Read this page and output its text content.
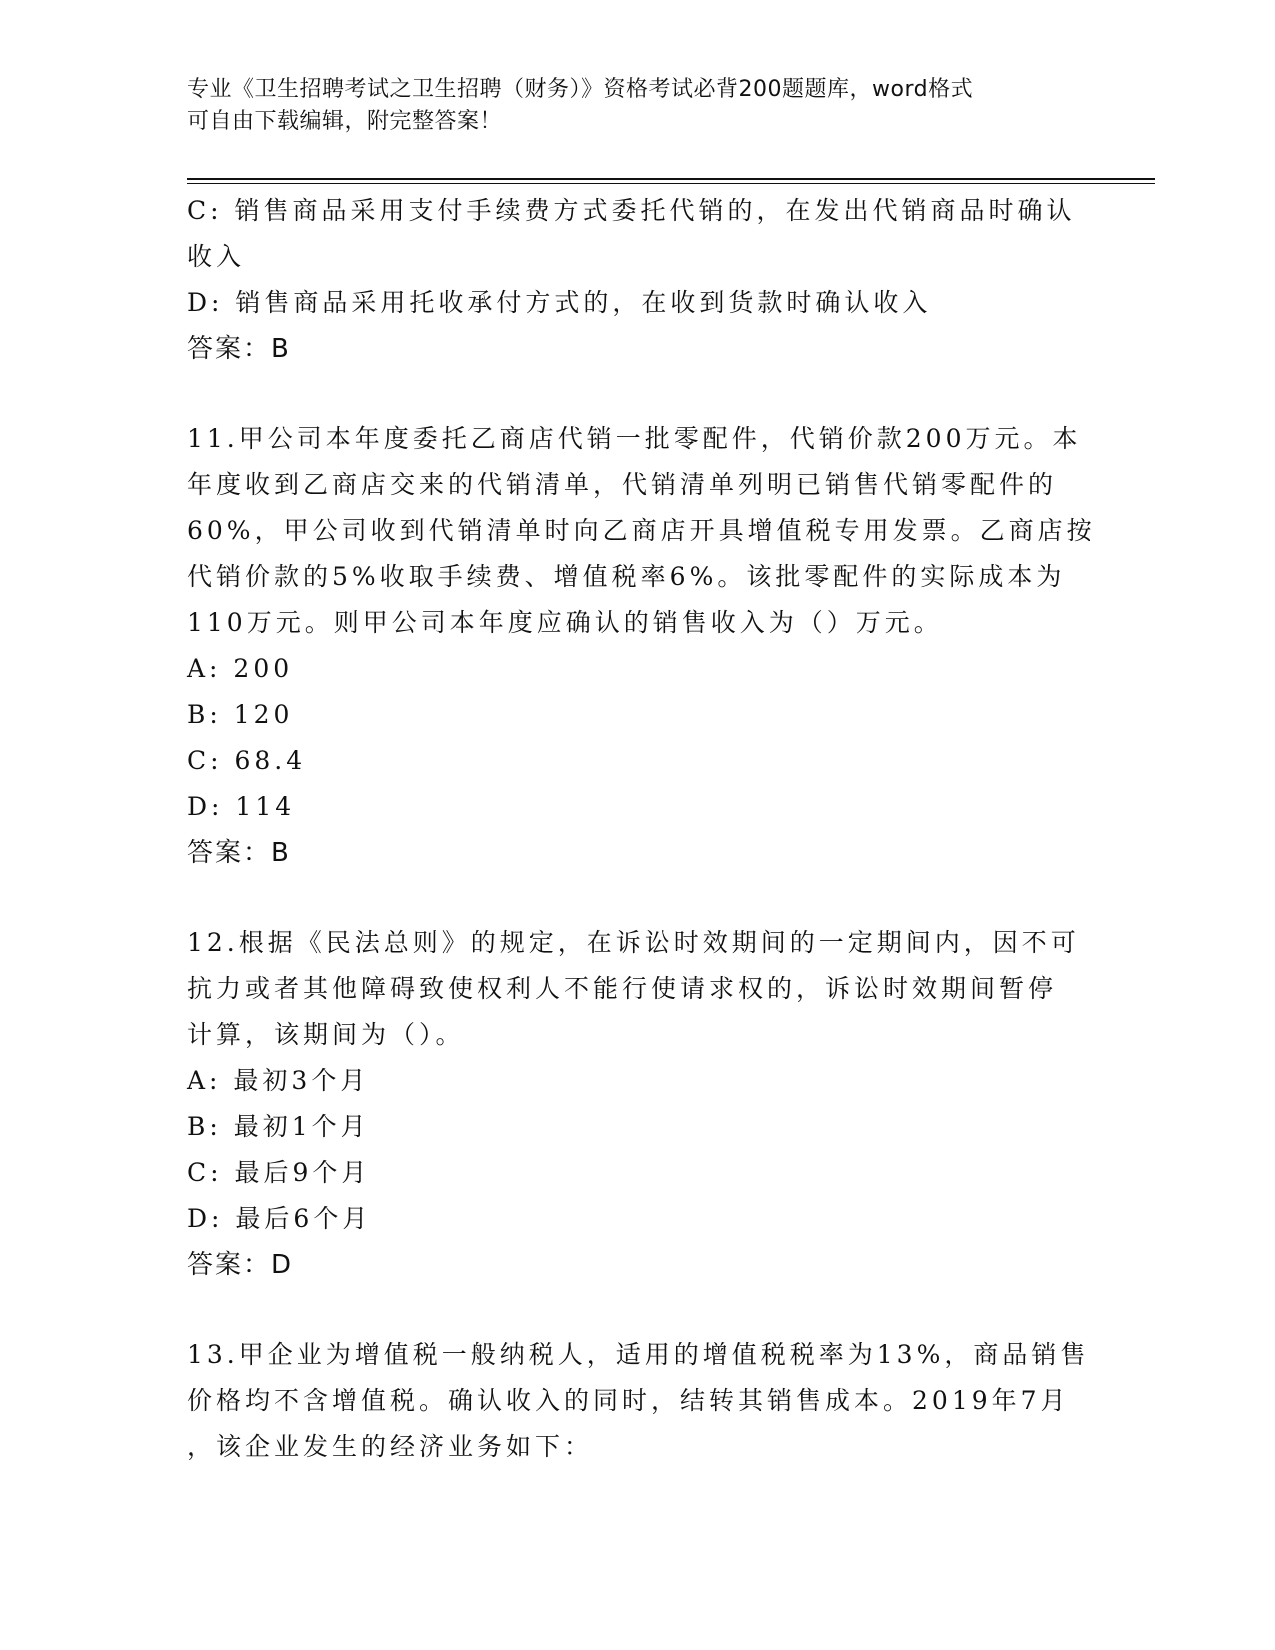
专业《卫生招聘考试之卫生招聘（财务）》资格考试必背200题题库，word格式
可自由下载编辑，附完整答案！
C: 销售商品采用支付手续费方式委托代销的，在发出代销商品时确认
收入
D: 销售商品采用托收承付方式的，在收到货款时确认收入
答案：B
11.甲公司本年度委托乙商店代销一批零配件，代销价款200万元。本
年度收到乙商店交来的代销清单，代销清单列明已销售代销零配件的
60%，甲公司收到代销清单时向乙商店开具增值税专用发票。乙商店按
代销价款的5%收取手续费、增值税率6%。该批零配件的实际成本为
110万元。则甲公司本年度应确认的销售收入为（）万元。
A: 200
B: 120
C: 68.4
D: 114
答案：B
12.根据《民法总则》的规定，在诉讼时效期间的一定期间内，因不可
抗力或者其他障碍致使权利人不能行使请求权的，诉讼时效期间暂停
计算，该期间为（）。
A: 最初3个月
B: 最初1个月
C: 最后9个月
D: 最后6个月
答案：D
13.甲企业为增值税一般纳税人，适用的增值税税率为13%，商品销售
价格均不含增值税。确认收入的同时，结转其销售成本。2019年7月
，该企业发生的经济业务如下：
